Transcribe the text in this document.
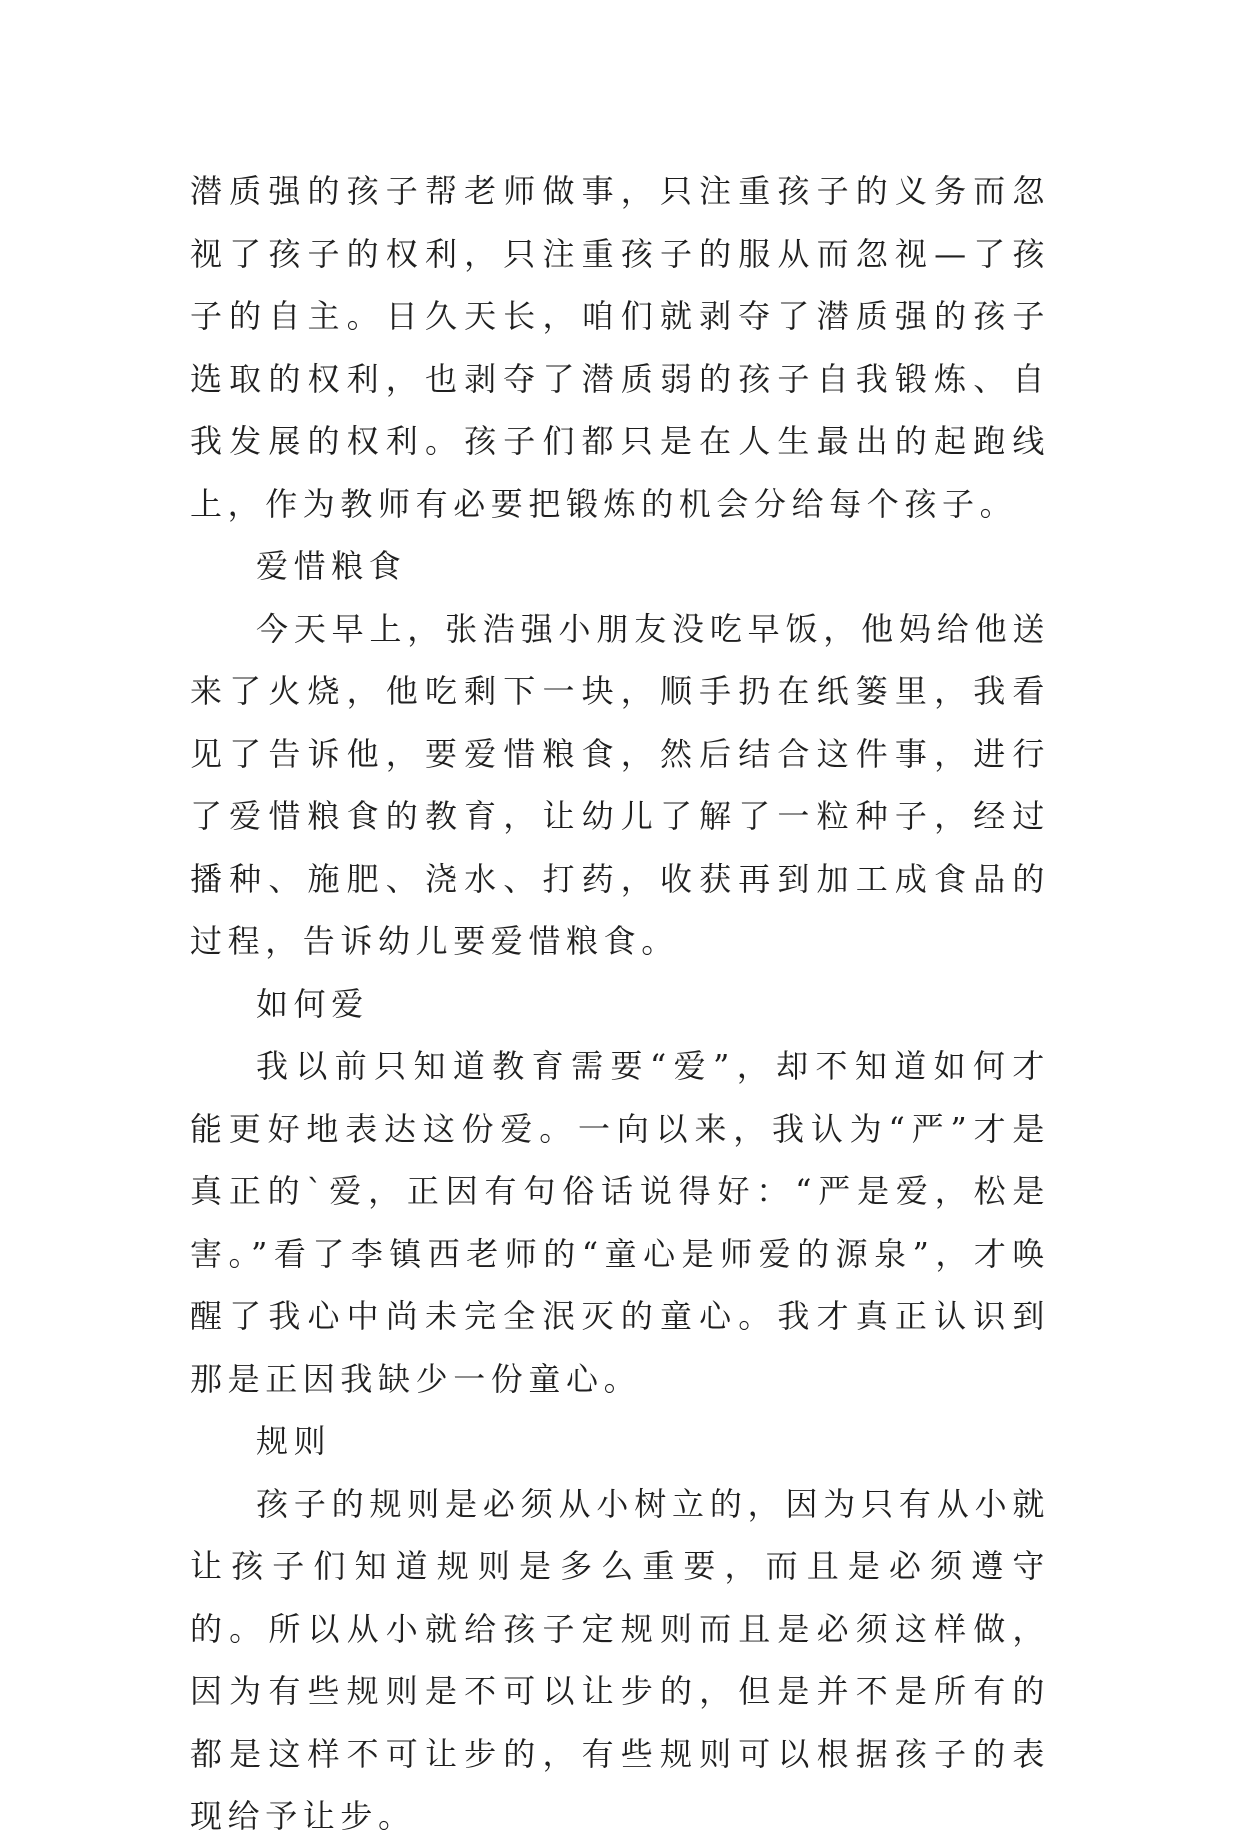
潜质强的孩子帮老师做事，只注重孩子的义务而忽视了孩子的权利，只注重孩子的服从而忽视—了孩子的自主。日久天长，咱们就剥夺了潜质强的孩子选取的权利，也剥夺了潜质弱的孩子自我锻炼、自我发展的权利。孩子们都只是在人生最出的起跑线上，作为教师有必要把锻炼的机会分给每个孩子。

爱惜粮食

今天早上，张浩强小朋友没吃早饭，他妈给他送来了火烧，他吃剩下一块，顺手扔在纸篓里，我看见了告诉他，要爱惜粮食，然后结合这件事，进行了爱惜粮食的教育，让幼儿了解了一粒种子，经过播种、施肥、浇水、打药，收获再到加工成食品的过程，告诉幼儿要爱惜粮食。

如何爱

我以前只知道教育需要“爱”，却不知道如何才能更好地表达这份爱。一向以来，我认为“严”才是真正的`爱，正因有句俗话说得好：“严是爱，松是害。”看了李镇西老师的“童心是师爱的源泉”，才唤醒了我心中尚未完全泯灭的童心。我才真正认识到那是正因我缺少一份童心。

规则

孩子的规则是必须从小树立的，因为只有从小就让孩子们知道规则是多么重要，而且是必须遵守的。所以从小就给孩子定规则而且是必须这样做，因为有些规则是不可以让步的，但是并不是所有的都是这样不可让步的，有些规则可以根据孩子的表现给予让步。
